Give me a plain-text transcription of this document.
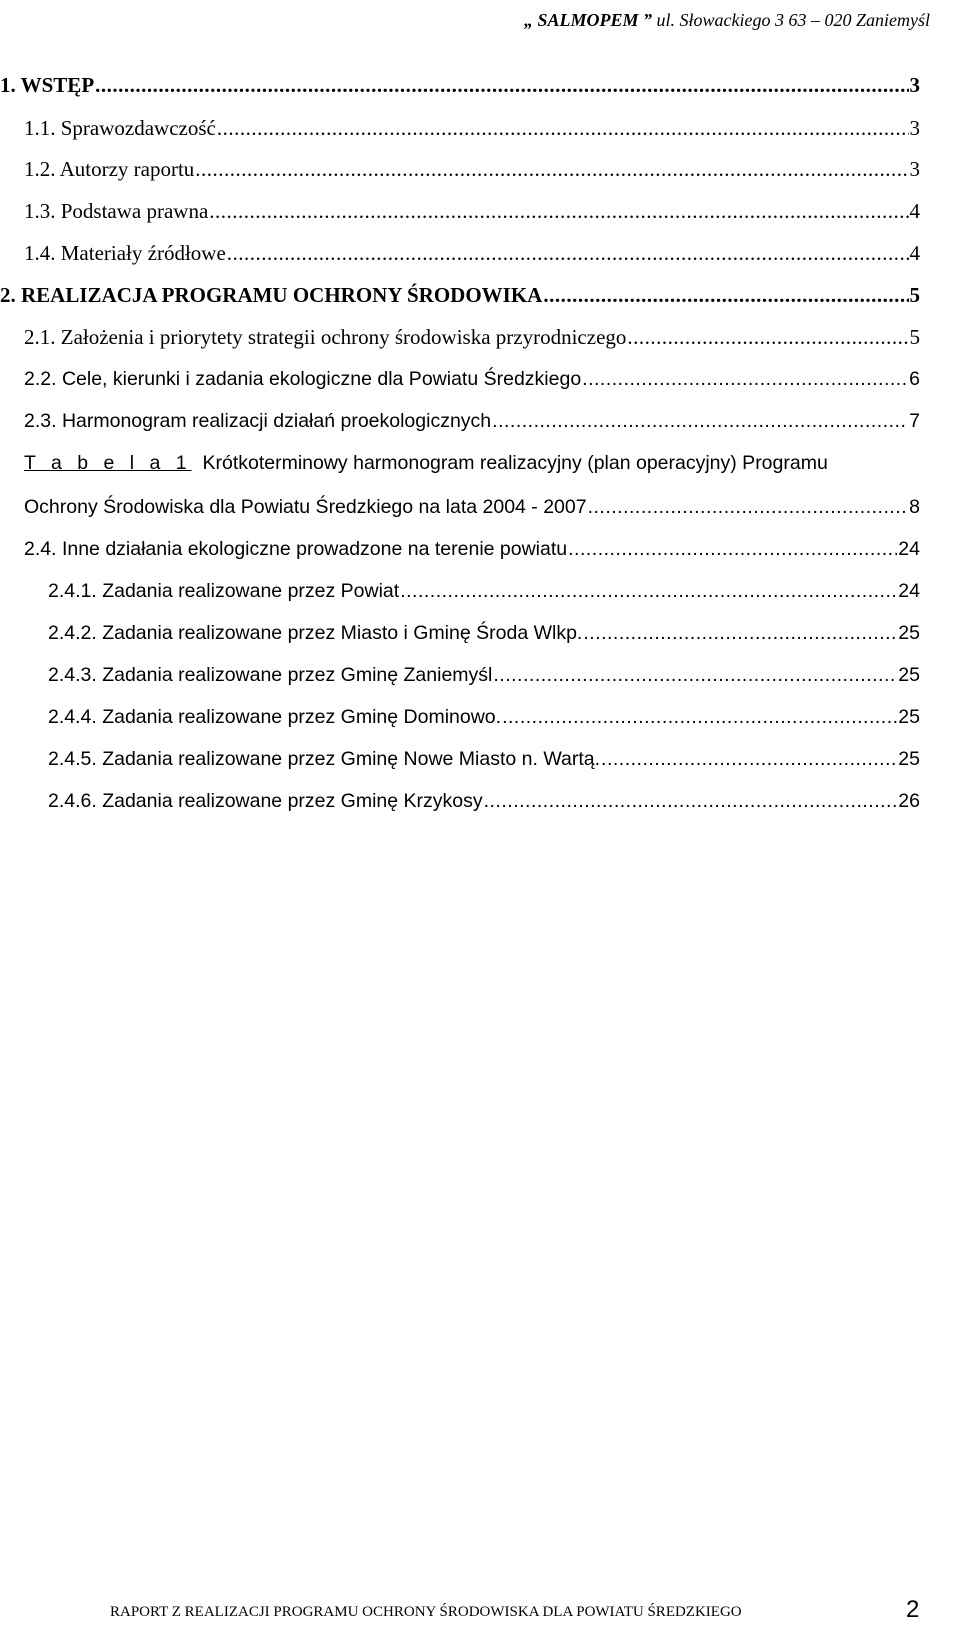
„ SALMOPEM ” ul. Słowackiego 3 63 – 020 Zaniemyśl
1. WSTĘP .....	3
1.1. Sprawozdawczość .....	3
1.2. Autorzy raportu .....	3
1.3. Podstawa prawna .....	4
1.4. Materiały źródłowe .....	4
2. REALIZACJA PROGRAMU OCHRONY ŚRODOWIKA .....	5
2.1. Założenia i priorytety strategii ochrony środowiska przyrodniczego .....	5
2.2. Cele, kierunki i zadania ekologiczne dla Powiatu Średzkiego .....	6
2.3. Harmonogram realizacji działań proekologicznych .....	7
T a b e l a 1 Krótkoterminowy harmonogram realizacyjny (plan operacyjny) Programu
Ochrony Środowiska dla Powiatu Średzkiego na lata 2004 - 2007 .....	8
2.4. Inne działania ekologiczne prowadzone na terenie powiatu .....	24
2.4.1. Zadania realizowane przez Powiat .....	24
2.4.2. Zadania realizowane przez Miasto i Gminę Środa Wlkp. .....	25
2.4.3. Zadania realizowane przez Gminę Zaniemyśl .....	25
2.4.4. Zadania realizowane przez Gminę Dominowo. .....	25
2.4.5. Zadania realizowane przez Gminę Nowe Miasto n. Wartą. .....	25
2.4.6. Zadania realizowane przez Gminę Krzykosy .....	26
RAPORT Z REALIZACJI PROGRAMU OCHRONY ŚRODOWISKA DLA POWIATU ŚREDZKIEGO	2
